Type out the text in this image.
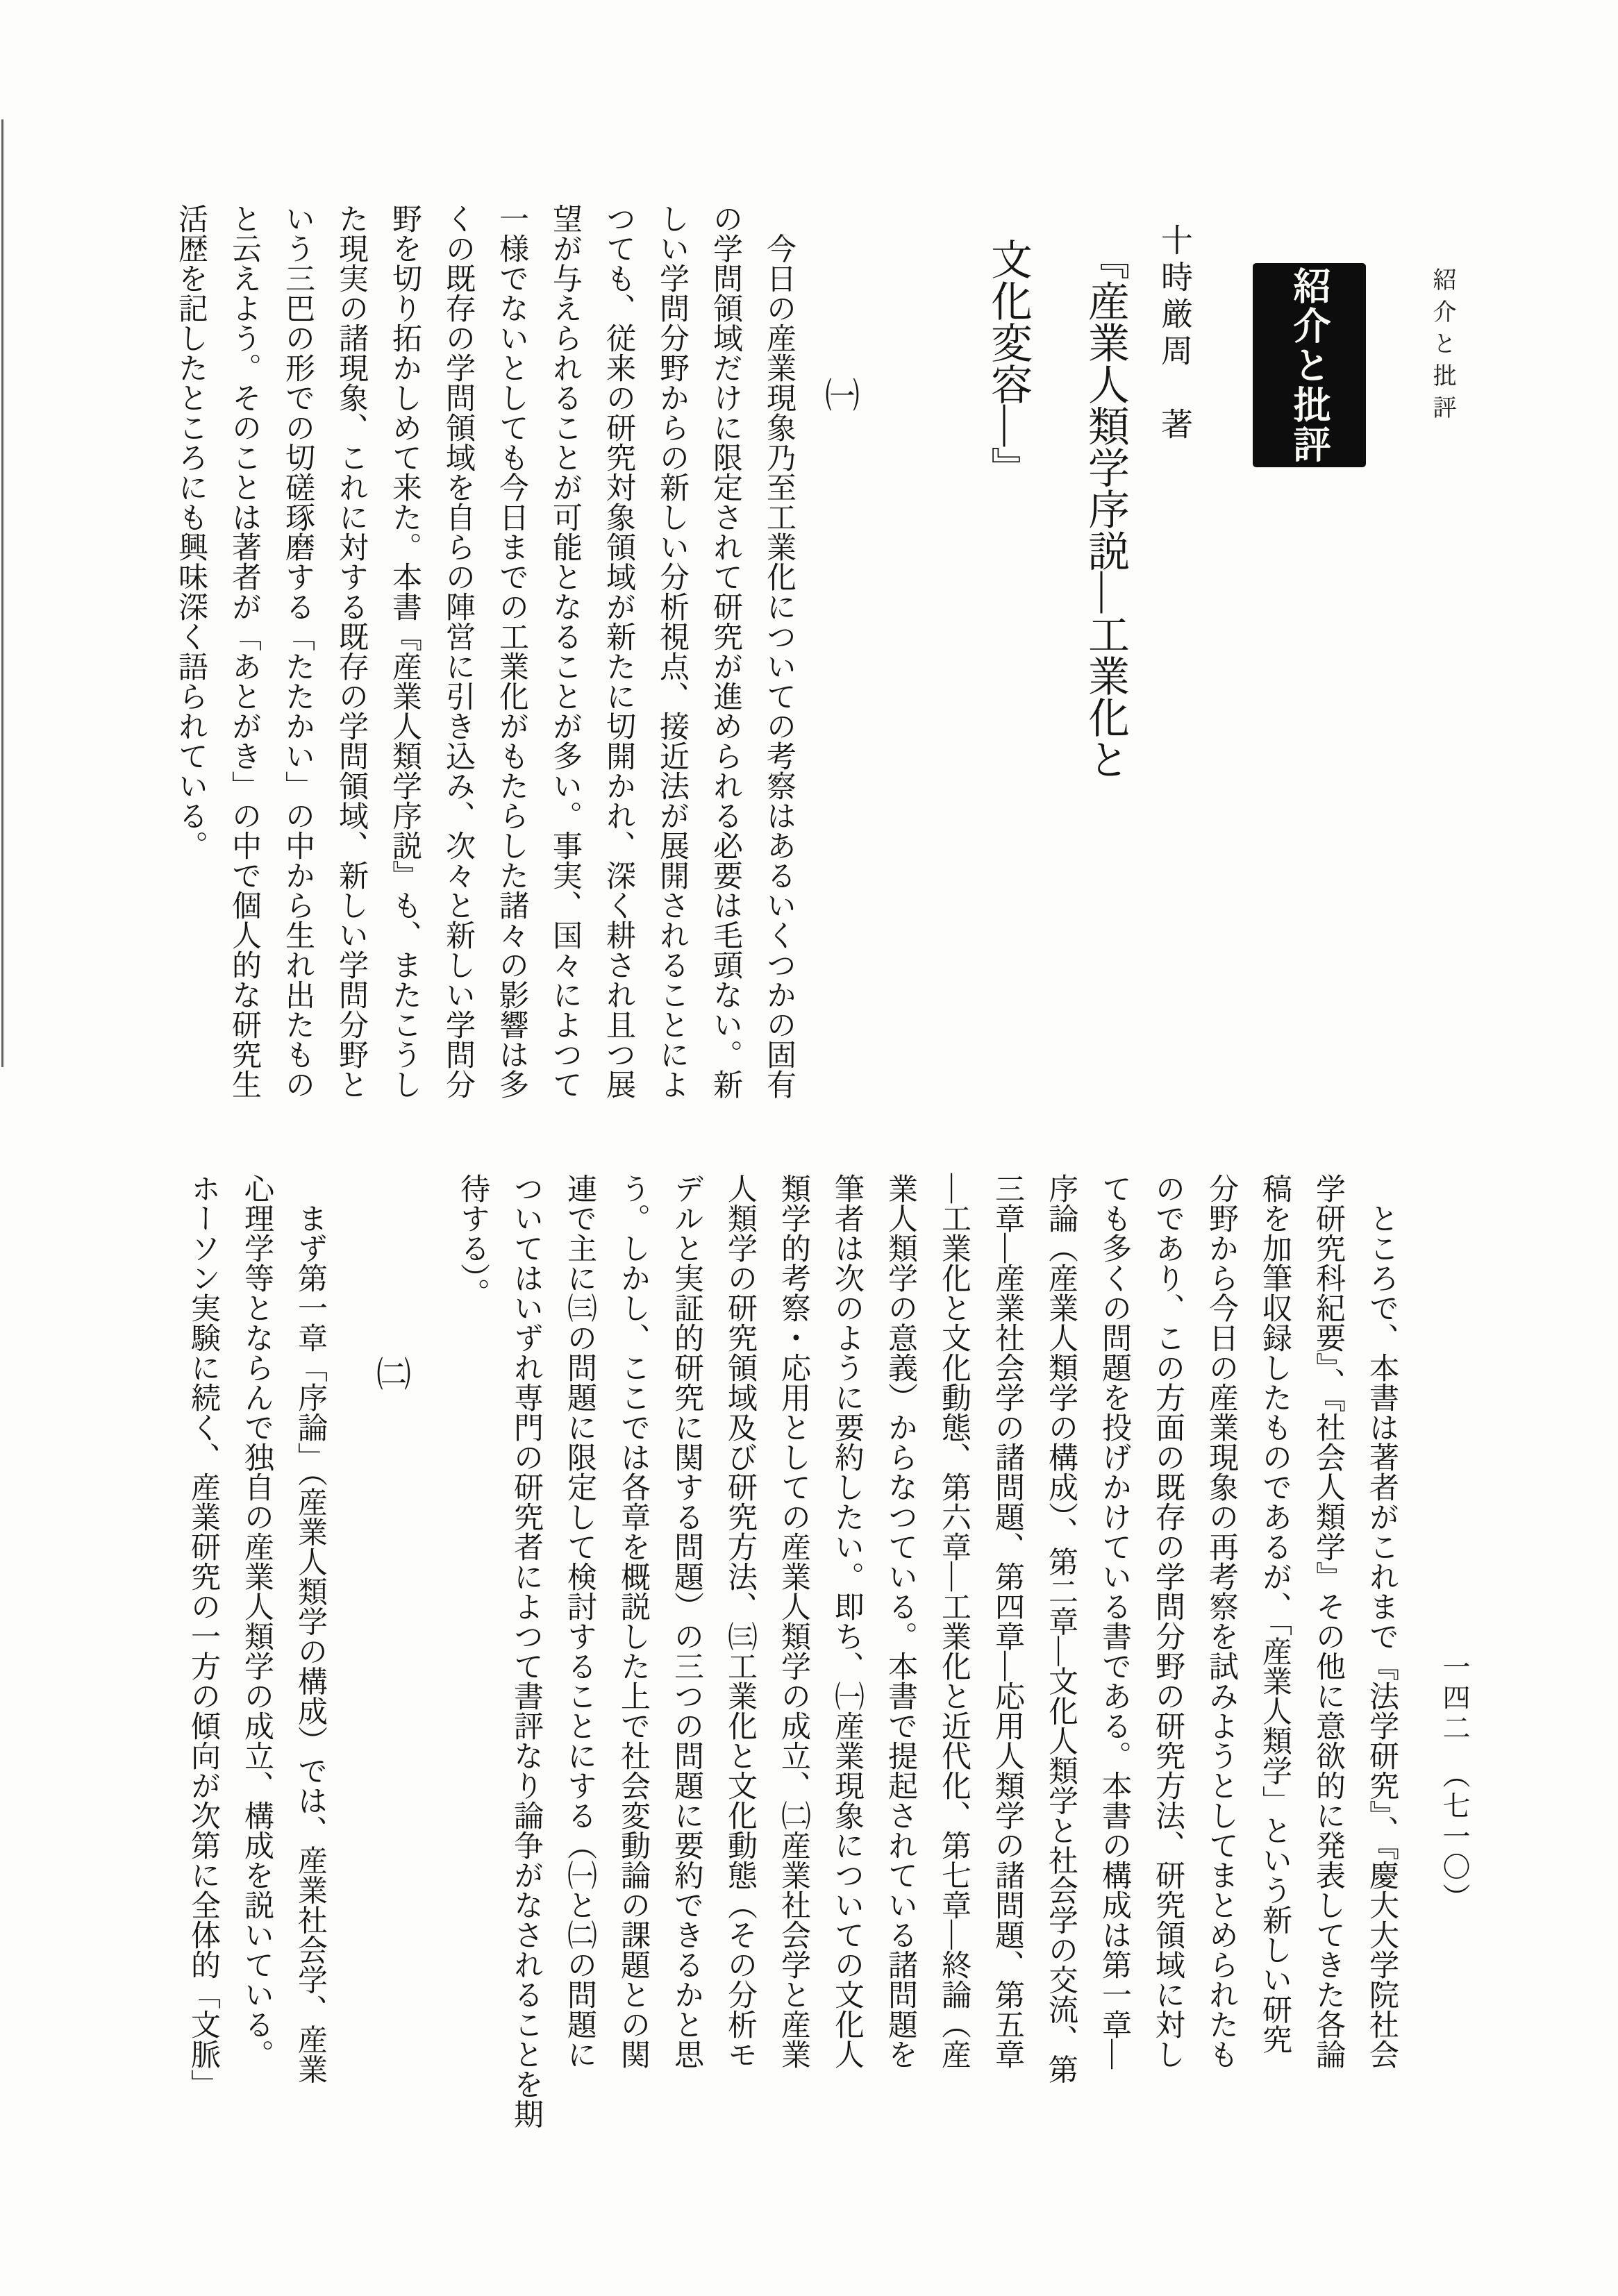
紹介と批評
紹介と批評
十時厳周　著
『産業人類学序説―工業化と
文化変容―』
㈠
　今日の産業現象乃至工業化についての考察はあるいくつかの固有
の学問領域だけに限定されて研究が進められる必要は毛頭ない。新
しい学問分野からの新しい分析視点、接近法が展開されることによ
つても、従来の研究対象領域が新たに切開かれ、深く耕され且つ展
望が与えられることが可能となることが多い。事実、国々によつて
一様でないとしても今日までの工業化がもたらした諸々の影響は多
くの既存の学問領域を自らの陣営に引き込み、次々と新しい学問分
野を切り拓かしめて来た。本書『産業人類学序説』も、またこうし
た現実の諸現象、これに対する既存の学問領域、新しい学問分野と
いう三巴の形での切磋琢磨する「たたかい」の中から生れ出たもの
と云えよう。そのことは著者が「あとがき」の中で個人的な研究生
活歴を記したところにも興味深く語られている。
　ところで、本書は著者がこれまで『法学研究』、『慶大大学院社会
学研究科紀要』、『社会人類学』その他に意欲的に発表してきた各論
稿を加筆収録したものであるが、「産業人類学」という新しい研究
分野から今日の産業現象の再考察を試みようとしてまとめられたも
のであり、この方面の既存の学問分野の研究方法、研究領域に対し
ても多くの問題を投げかけている書である。本書の構成は第一章―
序論（産業人類学の構成）、第二章―文化人類学と社会学の交流、第
三章―産業社会学の諸問題、第四章―応用人類学の諸問題、第五章
―工業化と文化動態、第六章―工業化と近代化、第七章―終論（産
業人類学の意義）からなつている。本書で提起されている諸問題を
筆者は次のように要約したい。即ち、㈠産業現象についての文化人
類学的考察・応用としての産業人類学の成立、㈡産業社会学と産業
人類学の研究領域及び研究方法、㈢工業化と文化動態（その分析モ
デルと実証的研究に関する問題）の三つの問題に要約できるかと思
う。しかし、ここでは各章を概説した上で社会変動論の課題との関
連で主に㈢の問題に限定して検討することにする（㈠と㈡の問題に
ついてはいずれ専門の研究者によつて書評なり論争がなされることを期
待する）。
㈡
　まず第一章「序論」（産業人類学の構成）では、産業社会学、産業
心理学等とならんで独自の産業人類学の成立、構成を説いている。
ホーソン実験に続く、産業研究の一方の傾向が次第に全体的「文脈」	一四二　（七一〇）
